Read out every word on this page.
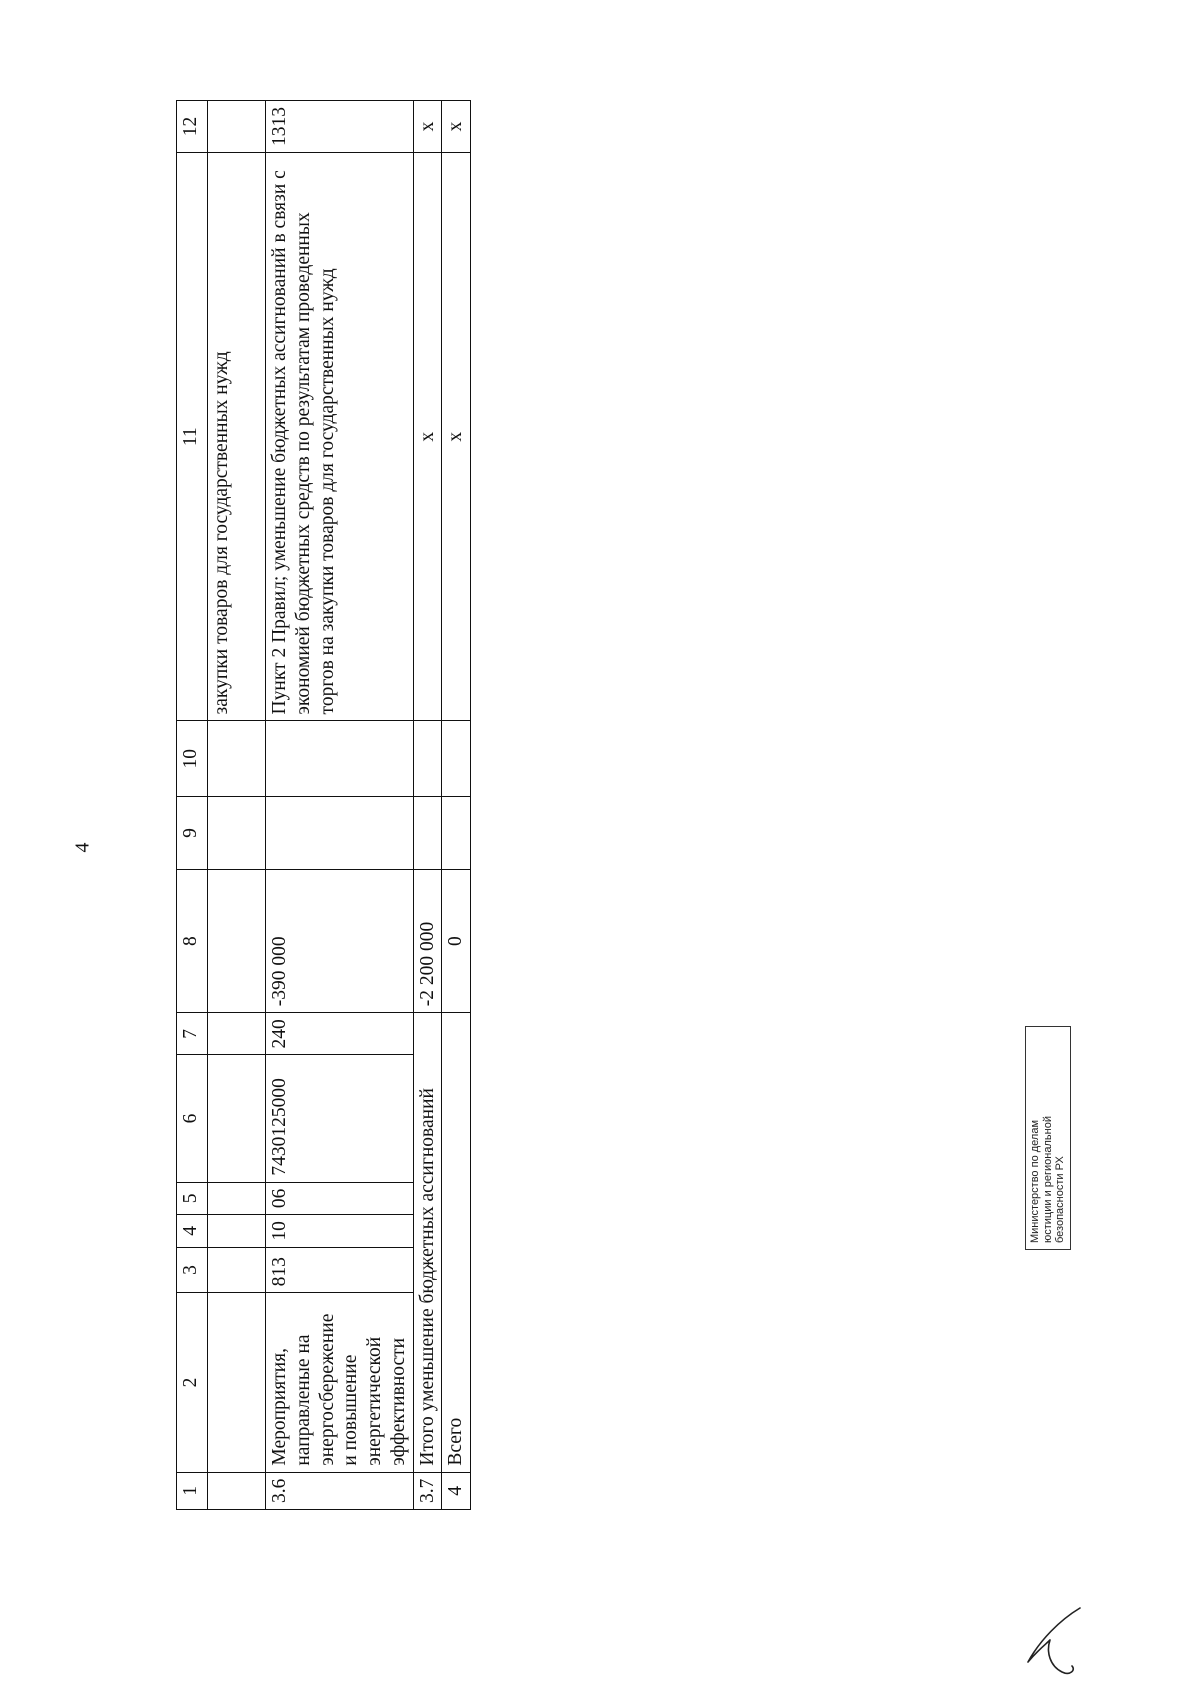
4
1	2	3	4	5	6	7	8	9	10	11	12
										закупки товаров для государственных нужд	
3.6	Мероприятия, направленые на энергосбережение и повышение энергетической эффективности	813	10	06	7430125000	240	-390 000			Пункт 2 Правил; уменьшение бюджетных ассигнований в связи с экономией бюджетных средств по результатам проведенных торгов на закупки товаров для государственных нужд	1313
3.7	Итого уменьшение бюджетных ассигнований						-2 200 000			х	х
4	Всего						0			х	х
Министерство по делам юстиции и региональной безопасности РХ
